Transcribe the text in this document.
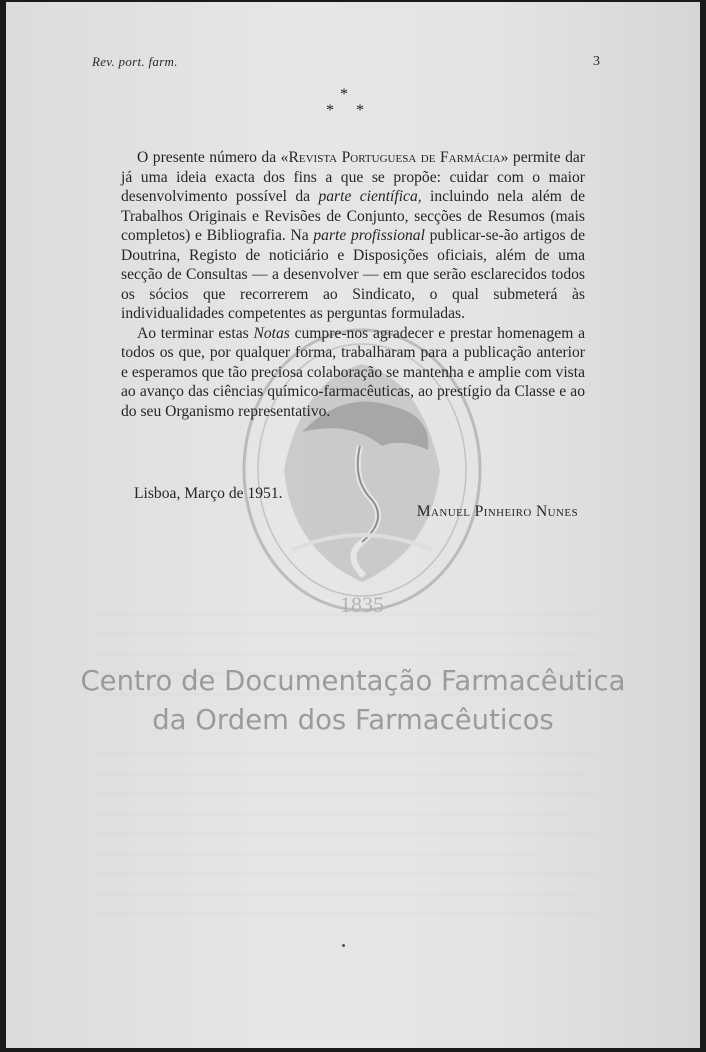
1835
Rev. port. farm.	3
*
* *

O presente número da «Revista Portuguesa de Farmácia» permite dar já uma ideia exacta dos fins a que se propõe: cuidar com o maior desenvolvimento possível da parte científica, incluindo nela além de Trabalhos Originais e Revisões de Conjunto, secções de Resumos (mais completos) e Bibliografia. Na parte profissional publicar-se-ão artigos de Doutrina, Registo de noticiário e Disposições oficiais, além de uma secção de Consultas — a desenvolver — em que serão esclarecidos todos os sócios que recorrerem ao Sindicato, o qual submeterá às individualidades competentes as perguntas formuladas.

Ao terminar estas Notas cumpre-nos agradecer e prestar homenagem a todos os que, por qualquer forma, trabalharam para a publicação anterior e esperamos que tão preciosa colaboração se mantenha e amplie com vista ao avanço das ciências químico-farmacêuticas, ao prestígio da Classe e ao do seu Organismo representativo.

Lisboa, Março de 1951.
Manuel Pinheiro Nunes
Centro de Documentação Farmacêutica
da Ordem dos Farmacêuticos
